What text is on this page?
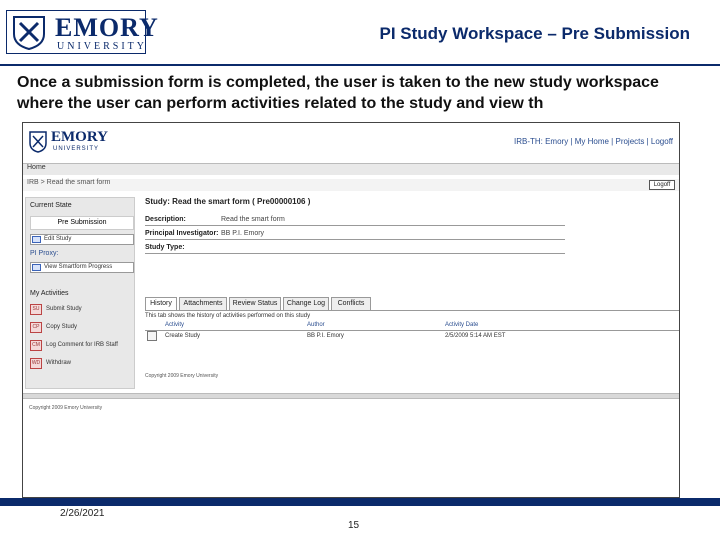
EMORY
UNIVERSITY
PI Study Workspace – Pre Submission
Once a submission form is completed, the user is taken to the new study workspace where the user can perform activities related to the study and view th
EMORY
UNIVERSITY
IRB-TH: Emory | My Home | Projects | Logoff
Home
IRB > Read the smart form	Logoff
Current State
Pre Submission
Edit Study
PI Proxy:
View Smartform Progress
My Activities
SU	Submit Study
CP	Copy Study
CM	Log Comment for IRB Staff
WD Withdraw
Study: Read the smart form ( Pre00000106 )
Description:	Read the smart form
Principal Investigator: BB P.I. Emory
Study Type:
History	Attachments	Review Status	Change Log	Conflicts
This tab shows the history of activities performed on this study
Activity	Author	Activity Date
Create Study	BB P.I. Emory	2/5/2009 5:14 AM EST
Copyright 2009 Emory University
Copyright 2009 Emory University
2/26/2021
15
